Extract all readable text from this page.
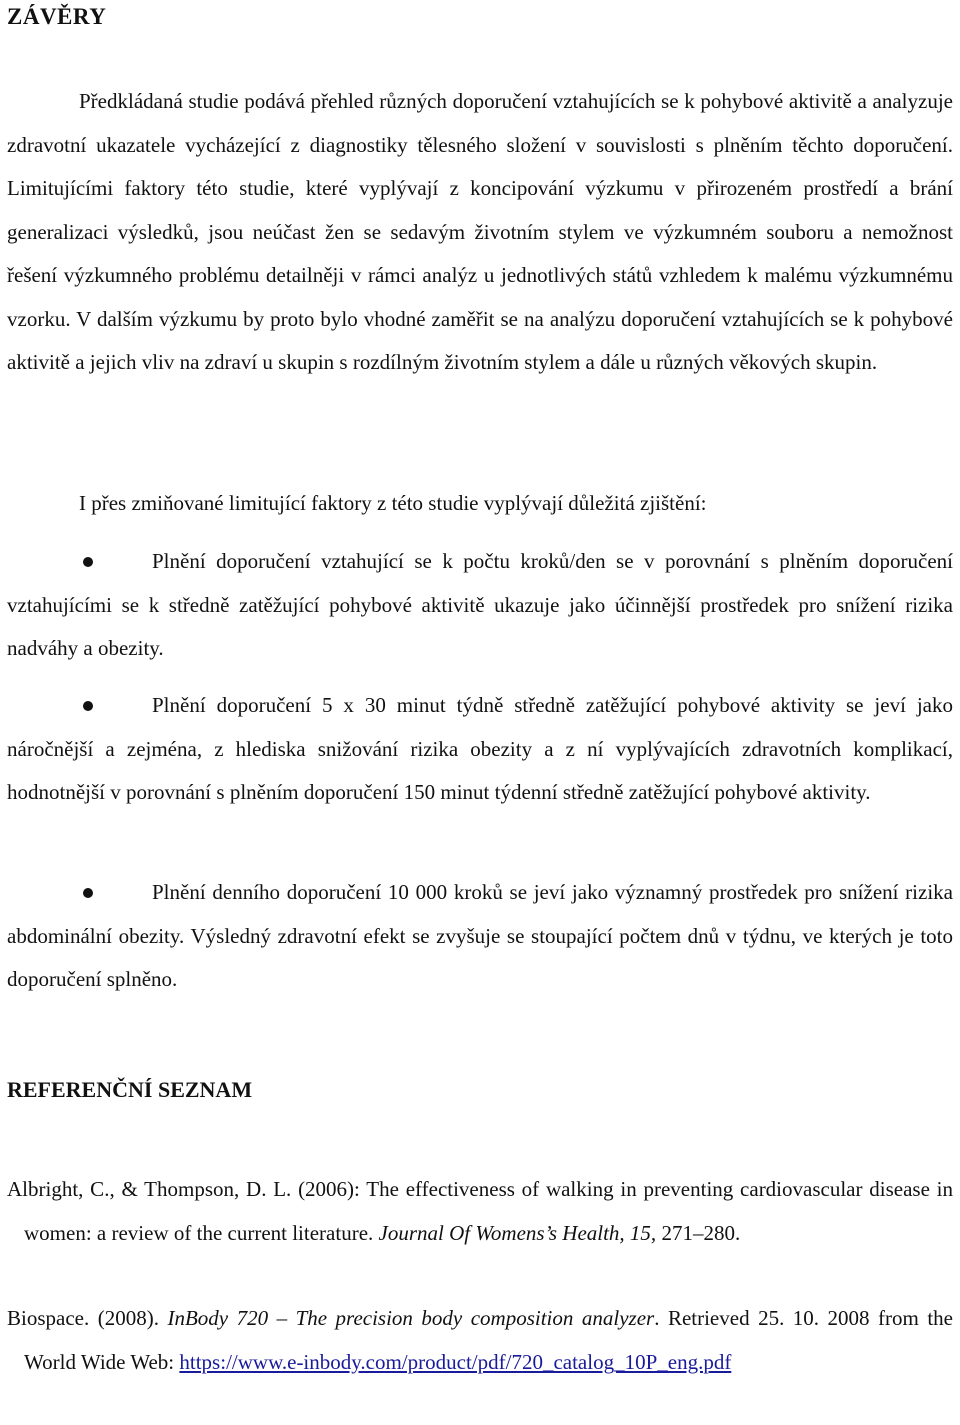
ZÁVĚRY

Předkládaná studie podává přehled různých doporučení vztahujících se k pohybové aktivitě a analyzuje zdravotní ukazatele vycházející z diagnostiky tělesného složení v souvislosti s plněním těchto doporučení. Limitujícími faktory této studie, které vyplývají z koncipování výzkumu v přirozeném prostředí a brání generalizaci výsledků, jsou neúčast žen se sedavým životním stylem ve výzkumném souboru a nemožnost řešení výzkumného problému detailněji v rámci analýz u jednotlivých států vzhledem k malému výzkumnému vzorku. V dalším výzkumu by proto bylo vhodné zaměřit se na analýzu doporučení vztahujících se k pohybové aktivitě a jejich vliv na zdraví u skupin s rozdílným životním stylem a dále u různých věkových skupin.

I přes zmiňované limitující faktory z této studie vyplývají důležitá zjištění:

Plnění doporučení vztahující se k počtu kroků/den se v porovnání s plněním doporučení vztahujícími se k středně zatěžující pohybové aktivitě ukazuje jako účinnější prostředek pro snížení rizika nadváhy a obezity.

Plnění doporučení 5 x 30 minut týdně středně zatěžující pohybové aktivity se jeví jako náročnější a zejména, z hlediska snižování rizika obezity a z ní vyplývajících zdravotních komplikací, hodnotnější v porovnání s plněním doporučení 150 minut týdenní středně zatěžující pohybové aktivity.

Plnění denního doporučení 10 000 kroků se jeví jako významný prostředek pro snížení rizika abdominální obezity. Výsledný zdravotní efekt se zvyšuje se stoupající počtem dnů v týdnu, ve kterých je toto doporučení splněno.

REFERENČNÍ SEZNAM

Albright, C., & Thompson, D. L. (2006): The effectiveness of walking in preventing cardiovascular disease in women: a review of the current literature. Journal Of Womens’s Health, 15, 271–280.

Biospace. (2008). InBody 720 – The precision body composition analyzer. Retrieved 25. 10. 2008 from the World Wide Web: https://www.e-inbody.com/product/pdf/720_catalog_10P_eng.pdf
